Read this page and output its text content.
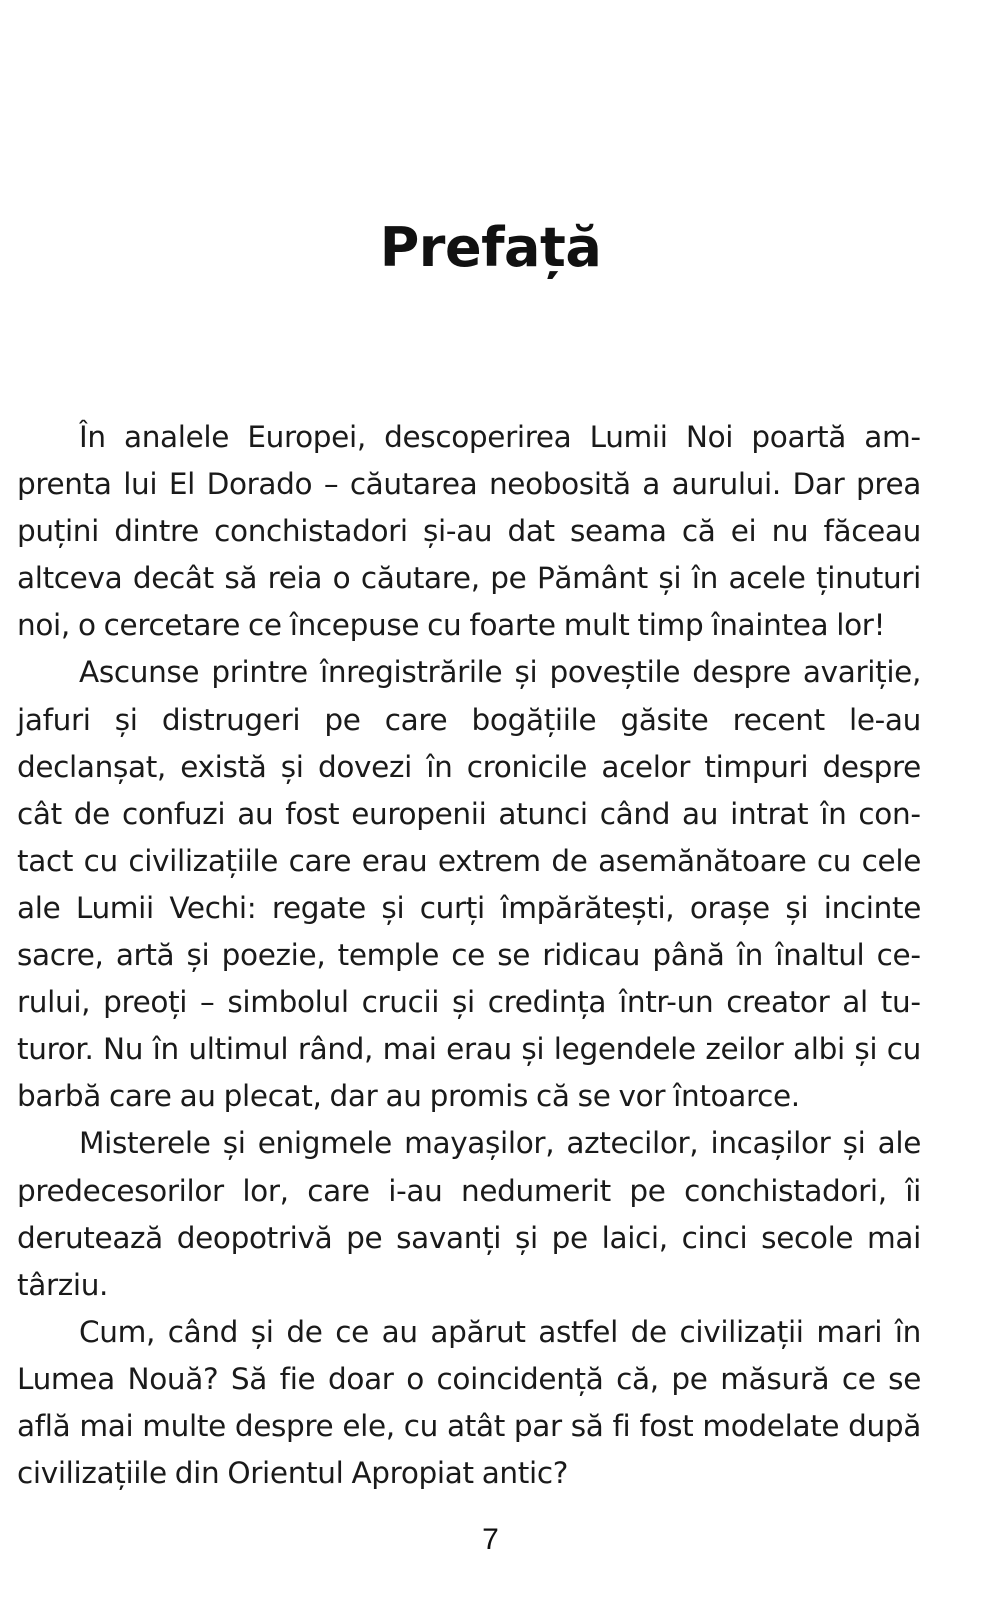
Prefață

În analele Europei, descoperirea Lumii Noi poartă amprenta lui El Dorado – căutarea neobosită a aurului. Dar prea puțini dintre conchistadori și-au dat seama că ei nu făceau altceva decât să reia o căutare, pe Pământ și în acele ținuturi noi, o cercetare ce începuse cu foarte mult timp înaintea lor!

Ascunse printre înregistrările și poveștile despre avariție, jafuri și distrugeri pe care bogățiile găsite recent le-au declanșat, există și dovezi în cronicile acelor timpuri despre cât de confuzi au fost europenii atunci când au intrat în contact cu civilizațiile care erau extrem de asemănătoare cu cele ale Lumii Vechi: regate și curți împărătești, orașe și incinte sacre, artă și poezie, temple ce se ridicau până în înaltul cerului, preoți – simbolul crucii și credința într-un creator al tuturor. Nu în ultimul rând, mai erau și legendele zeilor albi și cu barbă care au plecat, dar au promis că se vor întoarce.

Misterele și enigmele mayașilor, aztecilor, incașilor și ale predecesorilor lor, care i-au nedumerit pe conchistadori, îi derutează deopotrivă pe savanți și pe laici, cinci secole mai târziu.

Cum, când și de ce au apărut astfel de civilizații mari în Lumea Nouă? Să fie doar o coincidență că, pe măsură ce se află mai multe despre ele, cu atât par să fi fost modelate după civilizațiile din Orientul Apropiat antic?

7
